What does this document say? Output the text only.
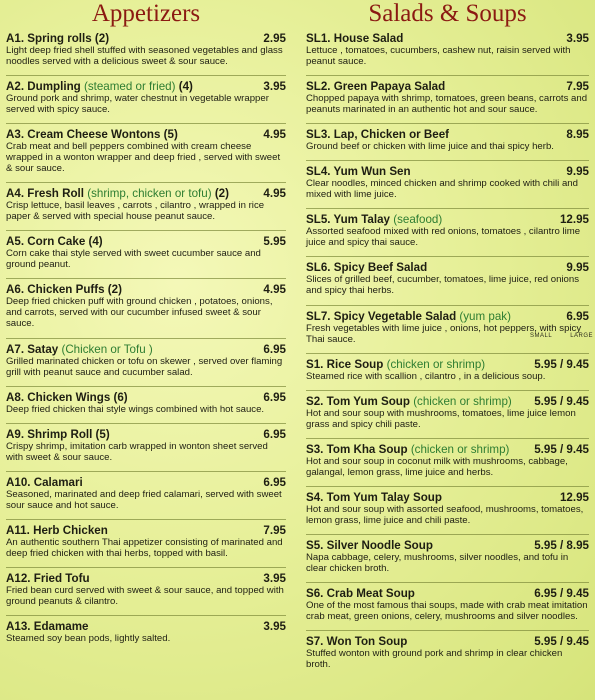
Appetizers
A1. Spring rolls (2)	2.95
Light deep fried shell stuffed with seasoned vegetables and glass noodles served with a delicious sweet & sour sauce.
A2. Dumpling (steamed or fried) (4)	3.95
Ground pork and shrimp, water chestnut in vegetable wrapper served with spicy sauce.
A3. Cream Cheese Wontons (5)	4.95
Crab meat and bell peppers combined with cream cheese wrapped in a wonton wrapper and deep fried , served with sweet & sour sauce.
A4. Fresh Roll (shrimp, chicken or tofu) (2)	4.95
Crisp lettuce, basil leaves , carrots , cilantro , wrapped in rice paper & served with special house peanut sauce.
A5. Corn Cake (4)	5.95
Corn cake thai style served with sweet cucumber sauce and ground peanut.
A6. Chicken Puffs (2)	4.95
Deep fried chicken puff with ground chicken , potatoes, onions, and carrots, served with our cucumber infused sweet & sour sauce.
A7. Satay (Chicken or Tofu )	6.95
Grilled marinated chicken or tofu on skewer , served over flaming grill with peanut sauce and cucumber salad.
A8. Chicken Wings (6)	6.95
Deep fried chicken thai style wings combined with hot sauce.
A9. Shrimp Roll (5)	6.95
Crispy shrimp, imitation carb wrapped in wonton sheet served with sweet & sour sauce.
A10. Calamari	6.95
Seasoned, marinated and deep fried calamari, served with sweet sour sauce and hot sauce.
A11. Herb Chicken	7.95
An authentic southern Thai appetizer consisting of marinated and deep fried chicken with thai herbs, topped with basil.
A12. Fried Tofu	3.95
Fried bean curd served with sweet & sour sauce, and topped with ground peanuts & cilantro.
A13. Edamame	3.95
Steamed soy bean pods, lightly salted.
Salads & Soups
SL1. House Salad	3.95
Lettuce , tomatoes, cucumbers, cashew nut, raisin served with peanut sauce.
SL2. Green Papaya Salad	7.95
Chopped papaya with shrimp, tomatoes, green beans, carrots and peanuts marinated in an authentic hot and sour sauce.
SL3. Lap, Chicken or Beef	8.95
Ground beef or chicken with lime juice and thai spicy herb.
SL4. Yum Wun Sen	9.95
Clear noodles, minced chicken and shrimp cooked with chili and mixed with lime juice.
SL5. Yum Talay (seafood)	12.95
Assorted seafood mixed with red onions, tomatoes , cilantro lime juice and spicy thai sauce.
SL6. Spicy Beef Salad	9.95
Slices of grilled beef, cucumber, tomatoes, lime juice, red onions and spicy thai herbs.
SL7. Spicy Vegetable Salad (yum pak)	6.95
Fresh vegetables with lime juice , onions, hot peppers, with spicy Thai sauce.
S1. Rice Soup (chicken or shrimp)	5.95 / 9.45
Steamed rice with scallion , cilantro , in a delicious soup.
S2. Tom Yum Soup (chicken or shrimp)	5.95 / 9.45
Hot and sour soup with mushrooms, tomatoes, lime juice lemon grass and spicy chili paste.
S3. Tom Kha Soup (chicken or shrimp)	5.95 / 9.45
Hot and sour soup in coconut milk with mushrooms, cabbage, galangal, lemon grass, lime juice and herbs.
S4. Tom Yum Talay Soup	12.95
Hot and sour soup with assorted seafood, mushrooms, tomatoes, lemon grass, lime juice and chili paste.
S5. Silver Noodle Soup	5.95 / 8.95
Napa cabbage, celery, mushrooms, silver noodles, and tofu in clear chicken broth.
S6. Crab Meat Soup	6.95 / 9.45
One of the most famous thai soups, made with crab meat imitation crab meat, green onions, celery, mushrooms and silver noodles.
S7. Won Ton Soup	5.95 / 9.45
Stuffed wonton with ground pork and shrimp in clear chicken broth.
SMALL	LARGE
